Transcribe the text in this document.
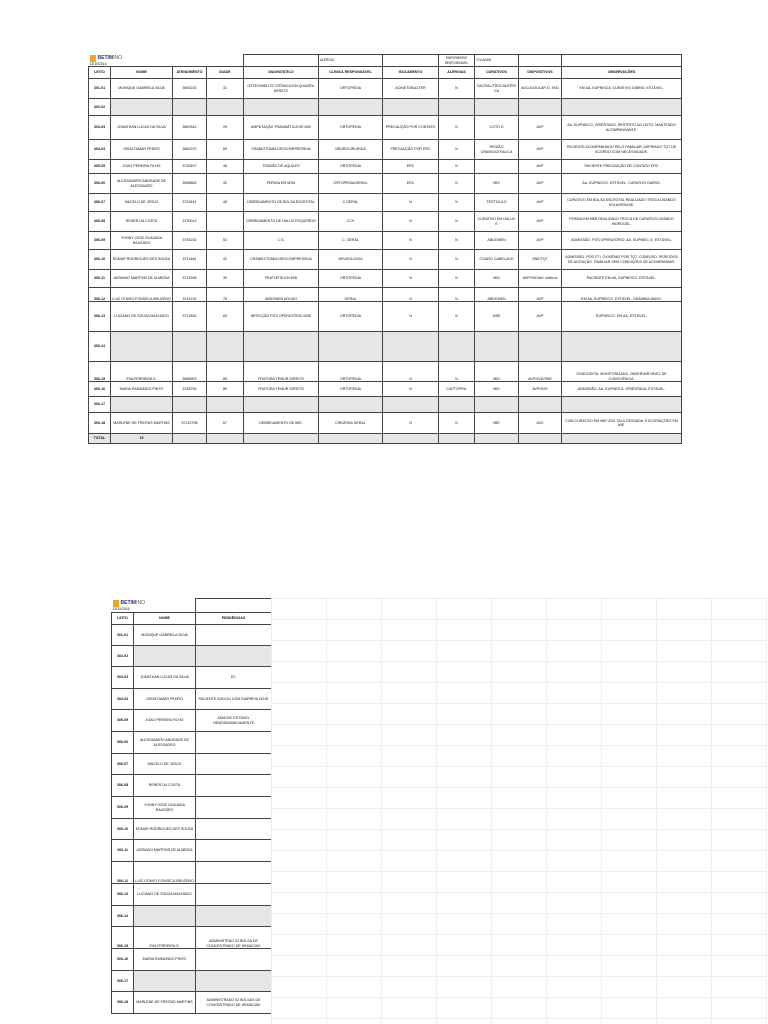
BETIMINO
13/10/2016					ALERGIA		ENFERMEIRO RESPONSAVEL	YOLANDA		
LEITO	NOME	ATENDIMENTO	IDADE	DIAGNÓSTICO	CLINICA RESPONSÁVEL	ISOLAMENTO	ALERGIAS	CURATIVOS	DISPOSITIVOS	OBSERVAÇÕES
301-01	MONIQUE GABRIELA SILVA	5691103	31	OSTEOMIELITE CRÔNICA EM QUADRIL DIREITO	ORTOPEDIA	ACINETOBACTER	N	SACRAL/TROCANTÉRICA	AVC/JUGULAR D. SVD	EM AA, EUPNEICA, CURATIVO DIÁRIO. ESTÁVEL.
302-02										
303-03	JONATHAN LUCAS DA SILVA	5687642	29	AMPUTAÇÃO TRAUMÁTICA DE MID	ORTOPEDIA	PRECAUÇÃO POR CONTATO	N	COTO D	AVP	AA, EUPNEICO, ORIENTADO, RESTRITO AO LEITO. MANTENDO ACOMPANHANTE.
304-04	GENILTAMAR PEDRO	5662370	65	CRANIOTOMIA DESCOMPRESSIVA	NEUROCIRURGIA	PRECAUÇÃO POR ERC	N	REGIÃO CRANIOCEFÁLICA	AVP	PACIENTE ACOMPANHADO PELO FAMILIAR. ASPIRADO TQT DE ACORDO COM NECESSIDADE.
305-05	JOAO PEREIRA FILHO	5730407	48	TENDÃO DE AQUILES	ORTOPEDIA	ERC	N		AVP	PACIENTE PRECAUÇÃO DE CONTATO ERC
306-06	ALESSANDRO ANDRADE DE ALESSADRO	5696863	42	FERIDA EM MSD	ORTOPEDIA/GERAL	ERC	N	MIS	AVP	AA, EUPNEICO. ESTÁVEL. CURATIVO DIÁRIO.
306-07	MACELO DE JESUS	5729441	48	DEBRIDAMENTO DE BOLSA ESCROTAL	C.GERAL	N	N	TESTICULO	AVP	CURATIVO EM BOLSA ESCROTAL REALIZADO TROCA USANDO KOLAGENASE.
306-08	RENER DA COSTA	5730013		DEBRIDAMENTO DE HALUX ESQUERDO	CCV	N	N	CURATIVO EM HALUX E	AVP	FERIDA EM MEB REALIZADO TROCA DE CURATIVO USANDO HIDROGEL.
306-09	YONNY JOSE GUAJADA RAUSSEO	5745230	53	C.G.	C. GERAL	N	N	ABDOMEN	AVP	ADMISSÃO. PÓS OPERATÓRIO. AA. EUPNEIC O. ESTÁVEL.
306-10	EDMAR RODRIGUES DES SOUZA	5711464	42	CRANIECTOMIA DESCOMPRESSIVA	NEUROLOGIA	N	N	COURO CABELUDO	SNE/TQT	ADMISSÃO. PÓS CTI. OXIGÊNIO POR TQT. CONFUSO. PERÍODOS DE AGITAÇÃO. FAMILIAR SEM CONDIÇÕES DE ACOMPANHAR.
306-11	ADRIANO MARTINS DE ALMEIDA	5724398	39	FRATURTA EM MID	ORTOPEDIA	N	N	MID	AVP/SVD/Art. externo	PACIENTE EM AA, EUPNEICO. ESTÁVEL.
306-12	LUIZ OTAVIO FONSECA BRUZENO	5741125	76	ABDOMEN AGUDO	GERAL	N	N	ABDOMEN	AVP	EM AA, EUPNEICO. ESTÁVEL. DEAMBULANDO.
306-13	LUCIANO DE SOUZA MACHADO	5712834	63	INFECÇÃO PÓS OPERATÓRIO MSE	ORTOPEDIA	N	N	MSE	AVP	EUPNEICO. EM AA. ESTÁVEL.
306-14										
306-15	EVA FERREIRA S.	5686903	85	FRATURA FEMUR DIREITO	ORTOPEDIA	N	N	MID	AVP/SVD/SNE	SONOLENTA, MONITORIZADA, OBSERVAR NÍVEL DE CONSCIÊNCIA.
306-16	MARIA RAIMUNDO PINTO	5746750	86	FRATURA FEMUR DIREITO	ORTOPEDIA	N	CAPTOPRIL	MID	AVP/SVD	ADMISSÃO. AA. EUPNEICA. ORIENTADA. ESTÁVEL.
306-17										
306-18	MARLENE DE FREITAS MARTINS	57122798	67	DEBRIDAMENTO DE MIE.	CIRURGIA GERAL	N	N	MIE	AVC	COM CURATIVO EM MIE USO TALA GESSADA. ESCORIAÇÕES EM MIE.
TOTAL	15									
BETIMINO
13/10/2016		

LEITO	NOME	PENDÊNCIAS
301-01	MONIQUE GABRIELA SILVA	
302-02		
303-03	JONATHAN LUCAS DA SILVA	EC
304-04	GENILTAMAR PEDRO	PACIENTE INICIOU COM DIARREIA HOJE
305-05	JOAO PEREIRA FILHO	ADM BIC ESTÁVEL HEMODINAMICAMENTE
306-06	ALESSANDRO ANDRADE DE ALESSADRO	
306-07	MACELO DE JESUS	
306-08	RENER DA COSTA	
306-09	YONNY JOSE GUAJADA RAUSSEO	
306-10	EDMAR RODRIGUES DES SOUZA	
306-11	ADRIANO MARTINS DE ALMEIDA	
306-12	LUIZ OTAVIO FONSECA BRUZENO	
306-13	LUCIANO DE SOUZA MACHADO	
306-14		
306-15	EVA FERREIRA S.	ADMINISTRAO 02 BOLSA DE CONCENTRADO DE HEMÁCIAS
306-16	MARIA RAIMUNDO PINTO	
306-17		
306-18	MARLENE DE FREITAS MARTINS	ADMINISTRADO 02 BOLSAS DE CONCENTRADO DE HEMÁCIAS
